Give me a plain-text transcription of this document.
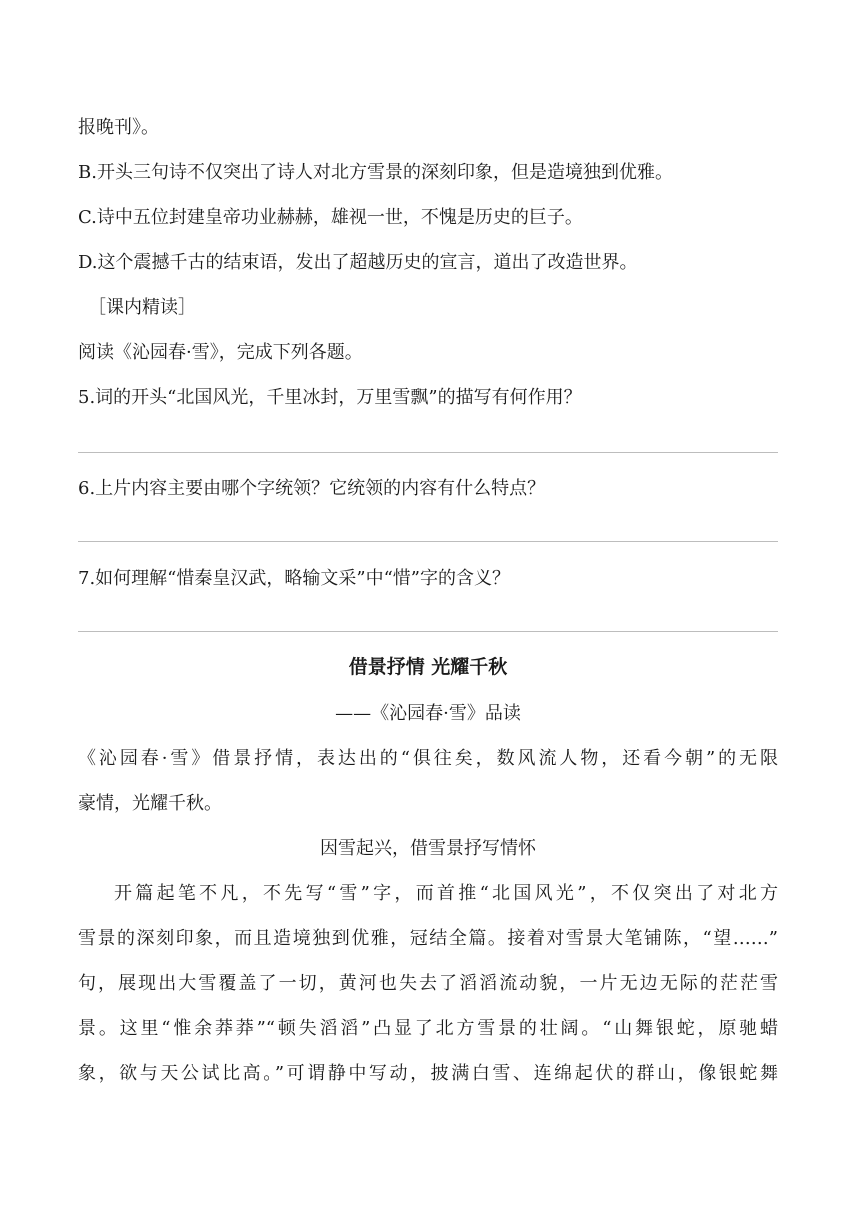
报晚刊》。
B.开头三句诗不仅突出了诗人对北方雪景的深刻印象，但是造境独到优雅。
C.诗中五位封建皇帝功业赫赫，雄视一世，不愧是历史的巨子。
D.这个震撼千古的结束语，发出了超越历史的宣言，道出了改造世界。
［课内精读］
阅读《沁园春·雪》，完成下列各题。
5.词的开头“北国风光，千里冰封，万里雪飘”的描写有何作用？
6.上片内容主要由哪个字统领？它统领的内容有什么特点？
7.如何理解“惜秦皇汉武，略输文采”中“惜”字的含义？
借景抒情 光耀千秋
——《沁园春·雪》品读
《沁园春·雪》借景抒情，表达出的“俱往矣，数风流人物，还看今朝”的无限
豪情，光耀千秋。
因雪起兴，借雪景抒写情怀
开篇起笔不凡，不先写“雪”字，而首推“北国风光”，不仅突出了对北方
雪景的深刻印象，而且造境独到优雅，冠结全篇。接着对雪景大笔铺陈，“望……”
句，展现出大雪覆盖了一切，黄河也失去了滔滔流动貌，一片无边无际的茫茫雪
景。这里“惟余莽莽”“顿失滔滔”凸显了北方雪景的壮阔。“山舞银蛇，原驰蜡
象，欲与天公试比高。”可谓静中写动，披满白雪、连绵起伏的群山，像银蛇舞
